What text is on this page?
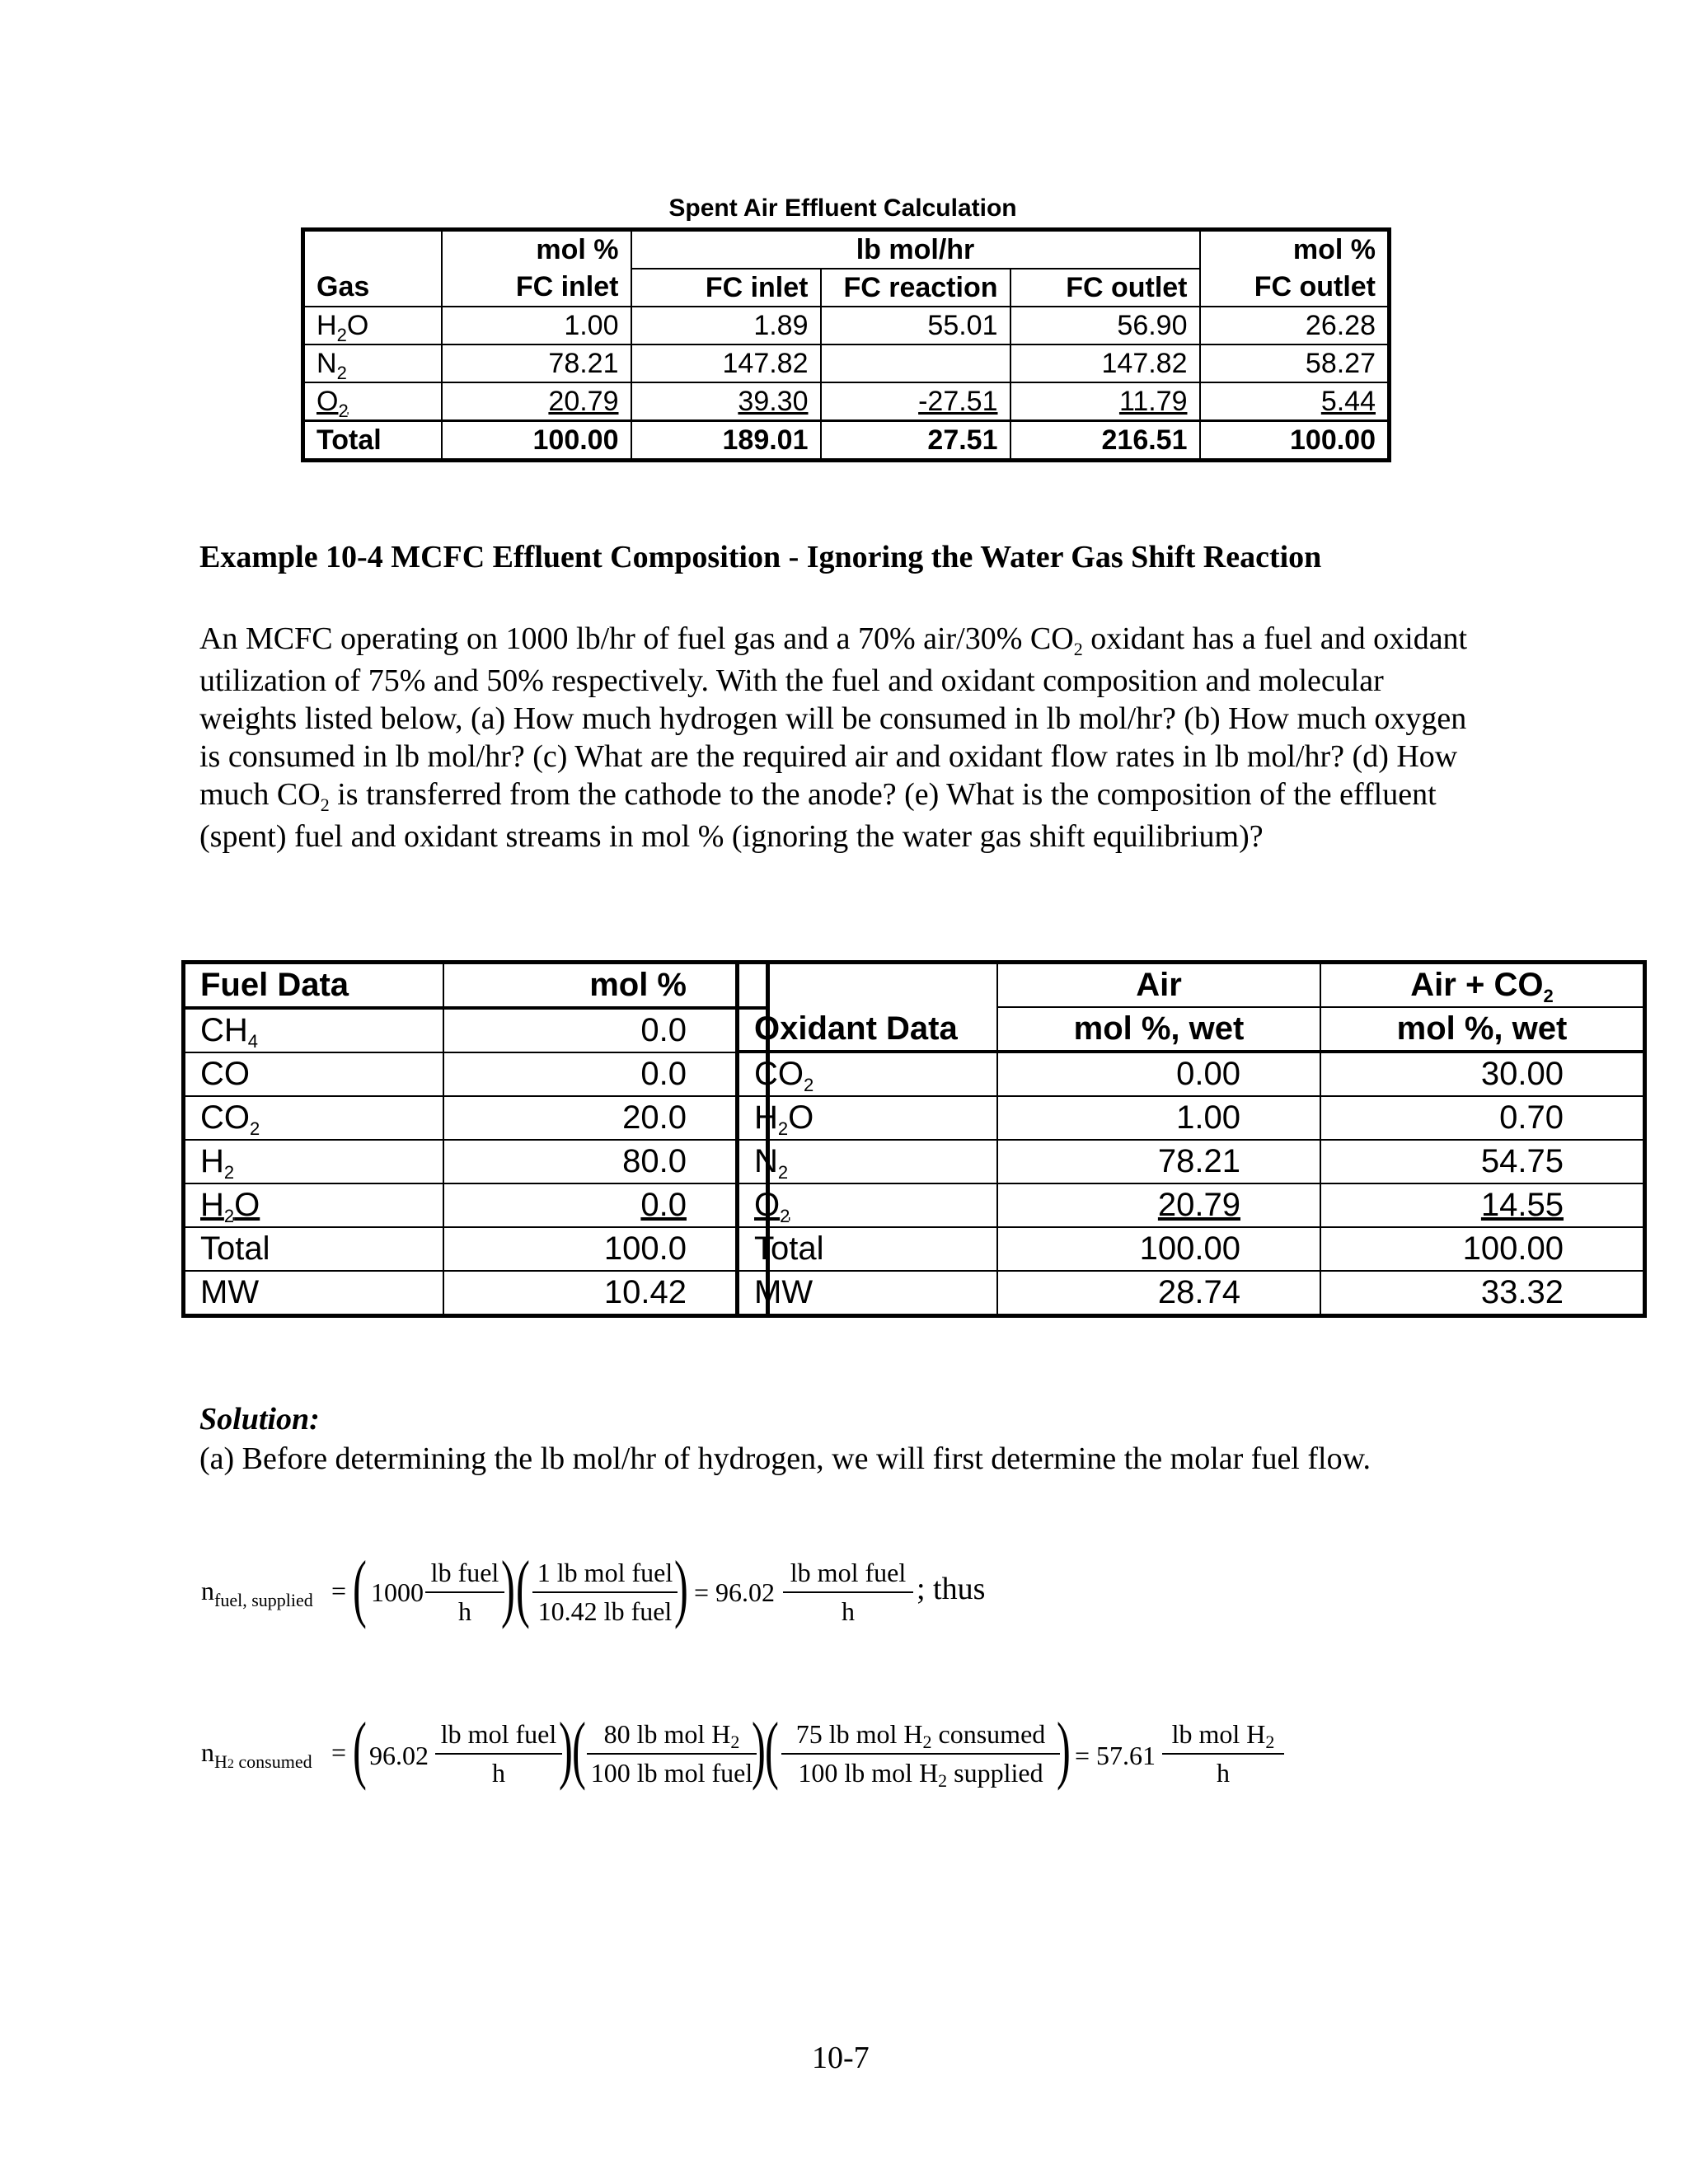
Spent Air Effluent Calculation
	mol %	lb mol/hr			mol %
Gas	FC inlet	FC inlet	FC reaction	FC outlet	FC outlet
$H_2O$	1.00	1.89	55.01	56.90	26.28
$N_2$	78.21	147.82		147.82	58.27
$O_2$	20.79	39.30	-27.51	11.79	5.44
Total	100.00	189.01	27.51	216.51	100.00
Example 10-4 MCFC Effluent Composition - Ignoring the Water Gas Shift Reaction

An MCFC operating on 1000 lb/hr of fuel gas and a 70% air/30% $CO_2$ oxidant has a fuel and oxidant utilization of 75% and 50% respectively. With the fuel and oxidant composition and molecular weights listed below, (a) How much hydrogen will be consumed in lb mol/hr? (b) How much oxygen is consumed in lb mol/hr? (c) What are the required air and oxidant flow rates in lb mol/hr? (d) How much $CO_2$ is transferred from the cathode to the anode? (e) What is the composition of the effluent (spent) fuel and oxidant streams in mol % (ignoring the water gas shift equilibrium)?

Fuel Data	mol %
$CH_4$	0.0
CO	0.0
$CO_2$	20.0
$H_2$	80.0
$H_2O$	0.0
Total	100.0
MW	10.42
	Air	Air + $CO_2$
Oxidant Data	mol %, wet	mol %, wet
$CO_2$	0.00	30.00
$H_2O$	1.00	0.70
$N_2$	78.21	54.75
$O_2$	20.79	14.55
Total	100.00	100.00
MW	28.74	33.32
Solution:
(a) Before determining the lb mol/hr of hydrogen, we will first determine the molar fuel flow.
$n_{fuel, supplied}$ = ( 1000
lb fuel
h ) ( 1 lb mol fuel
10.42 lb fuel ) = 96.02
lb mol fuel
h
; thus
$n_{H2 consumed}$ = ( 96.02
lb mol fuel
h ) ( 80 lb mol H2
100 lb mol fuel
) ( 75 lb mol H2 consumed
100 lb mol H2 supplied ) = 57.61
lb mol H2
h
10-7
